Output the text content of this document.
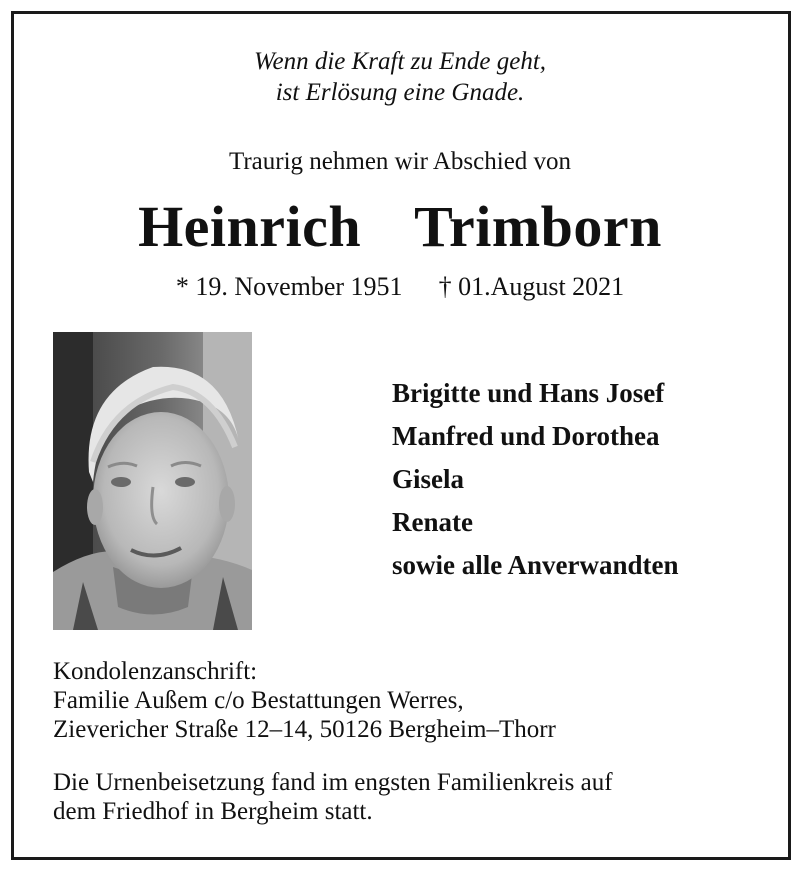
Wenn die Kraft zu Ende geht,
ist Erlösung eine Gnade.
Traurig nehmen wir Abschied von
Heinrich  Trimborn
* 19. November 1951 † 01.August 2021
Brigitte und Hans Josef
Manfred und Dorothea
Gisela
Renate
sowie alle Anverwandten
Kondolenzanschrift:
Familie Außem c/o Bestattungen Werres,
Zievericher Straße 12–14, 50126 Bergheim–Thorr
Die Urnenbeisetzung fand im engsten Familienkreis auf
dem Friedhof in Bergheim statt.
